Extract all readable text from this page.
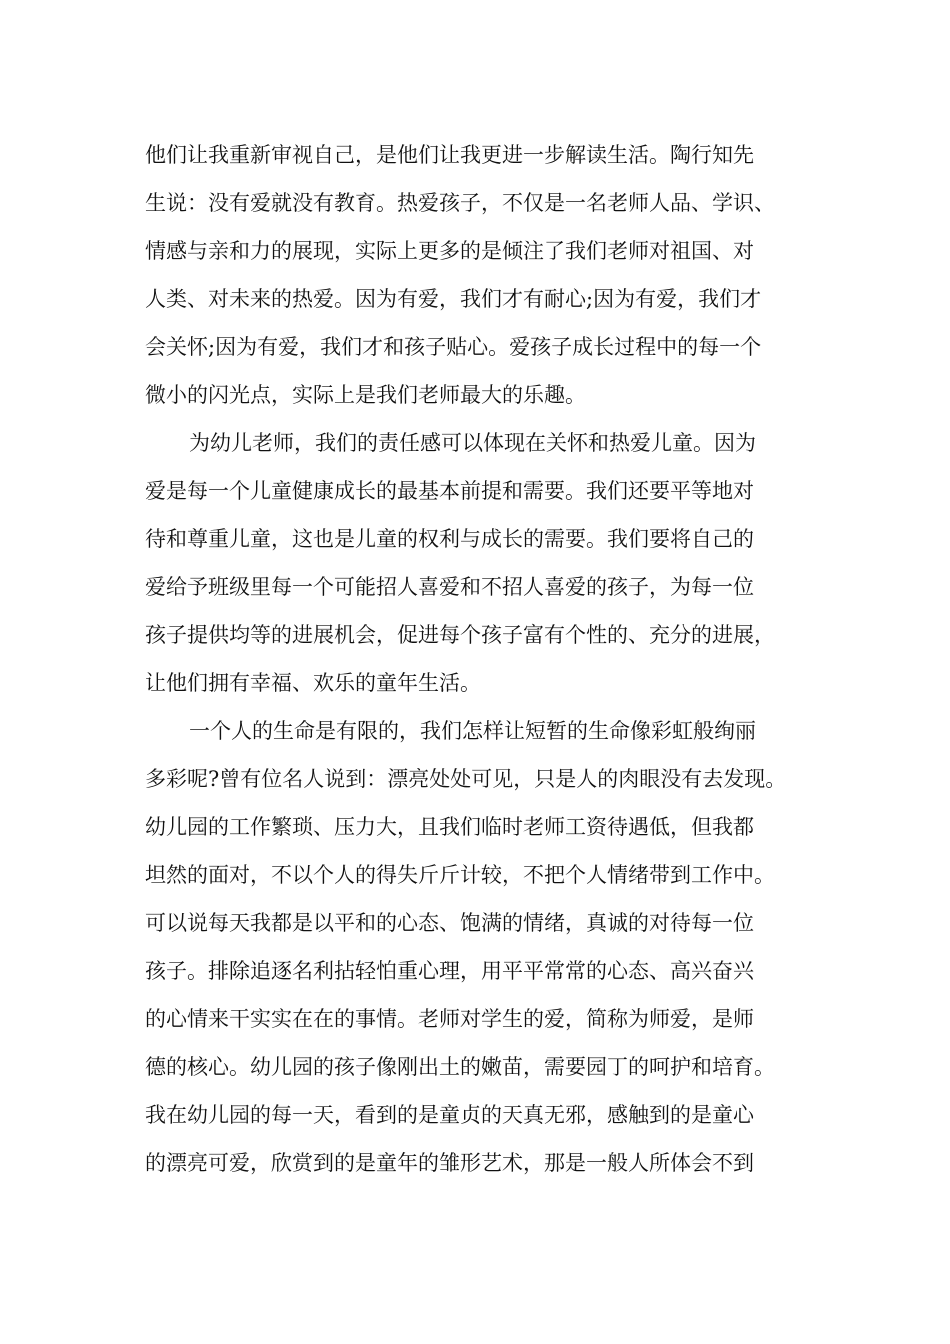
他们让我重新审视自己，是他们让我更进一步解读生活。陶行知先
生说：没有爱就没有教育。热爱孩子，不仅是一名老师人品、学识、
情感与亲和力的展现，实际上更多的是倾注了我们老师对祖国、对
人类、对未来的热爱。因为有爱，我们才有耐心;因为有爱，我们才
会关怀;因为有爱，我们才和孩子贴心。爱孩子成长过程中的每一个
微小的闪光点，实际上是我们老师最大的乐趣。
为幼儿老师，我们的责任感可以体现在关怀和热爱儿童。因为
爱是每一个儿童健康成长的最基本前提和需要。我们还要平等地对
待和尊重儿童，这也是儿童的权利与成长的需要。我们要将自己的
爱给予班级里每一个可能招人喜爱和不招人喜爱的孩子，为每一位
孩子提供均等的进展机会，促进每个孩子富有个性的、充分的进展，
让他们拥有幸福、欢乐的童年生活。
一个人的生命是有限的，我们怎样让短暂的生命像彩虹般绚丽
多彩呢?曾有位名人说到：漂亮处处可见，只是人的肉眼没有去发现。
幼儿园的工作繁琐、压力大，且我们临时老师工资待遇低，但我都
坦然的面对，不以个人的得失斤斤计较，不把个人情绪带到工作中。
可以说每天我都是以平和的心态、饱满的情绪，真诚的对待每一位
孩子。排除追逐名利拈轻怕重心理，用平平常常的心态、高兴奋兴
的心情来干实实在在的事情。老师对学生的爱，简称为师爱，是师
德的核心。幼儿园的孩子像刚出土的嫩苗，需要园丁的呵护和培育。
我在幼儿园的每一天，看到的是童贞的天真无邪，感触到的是童心
的漂亮可爱，欣赏到的是童年的雏形艺术，那是一般人所体会不到
